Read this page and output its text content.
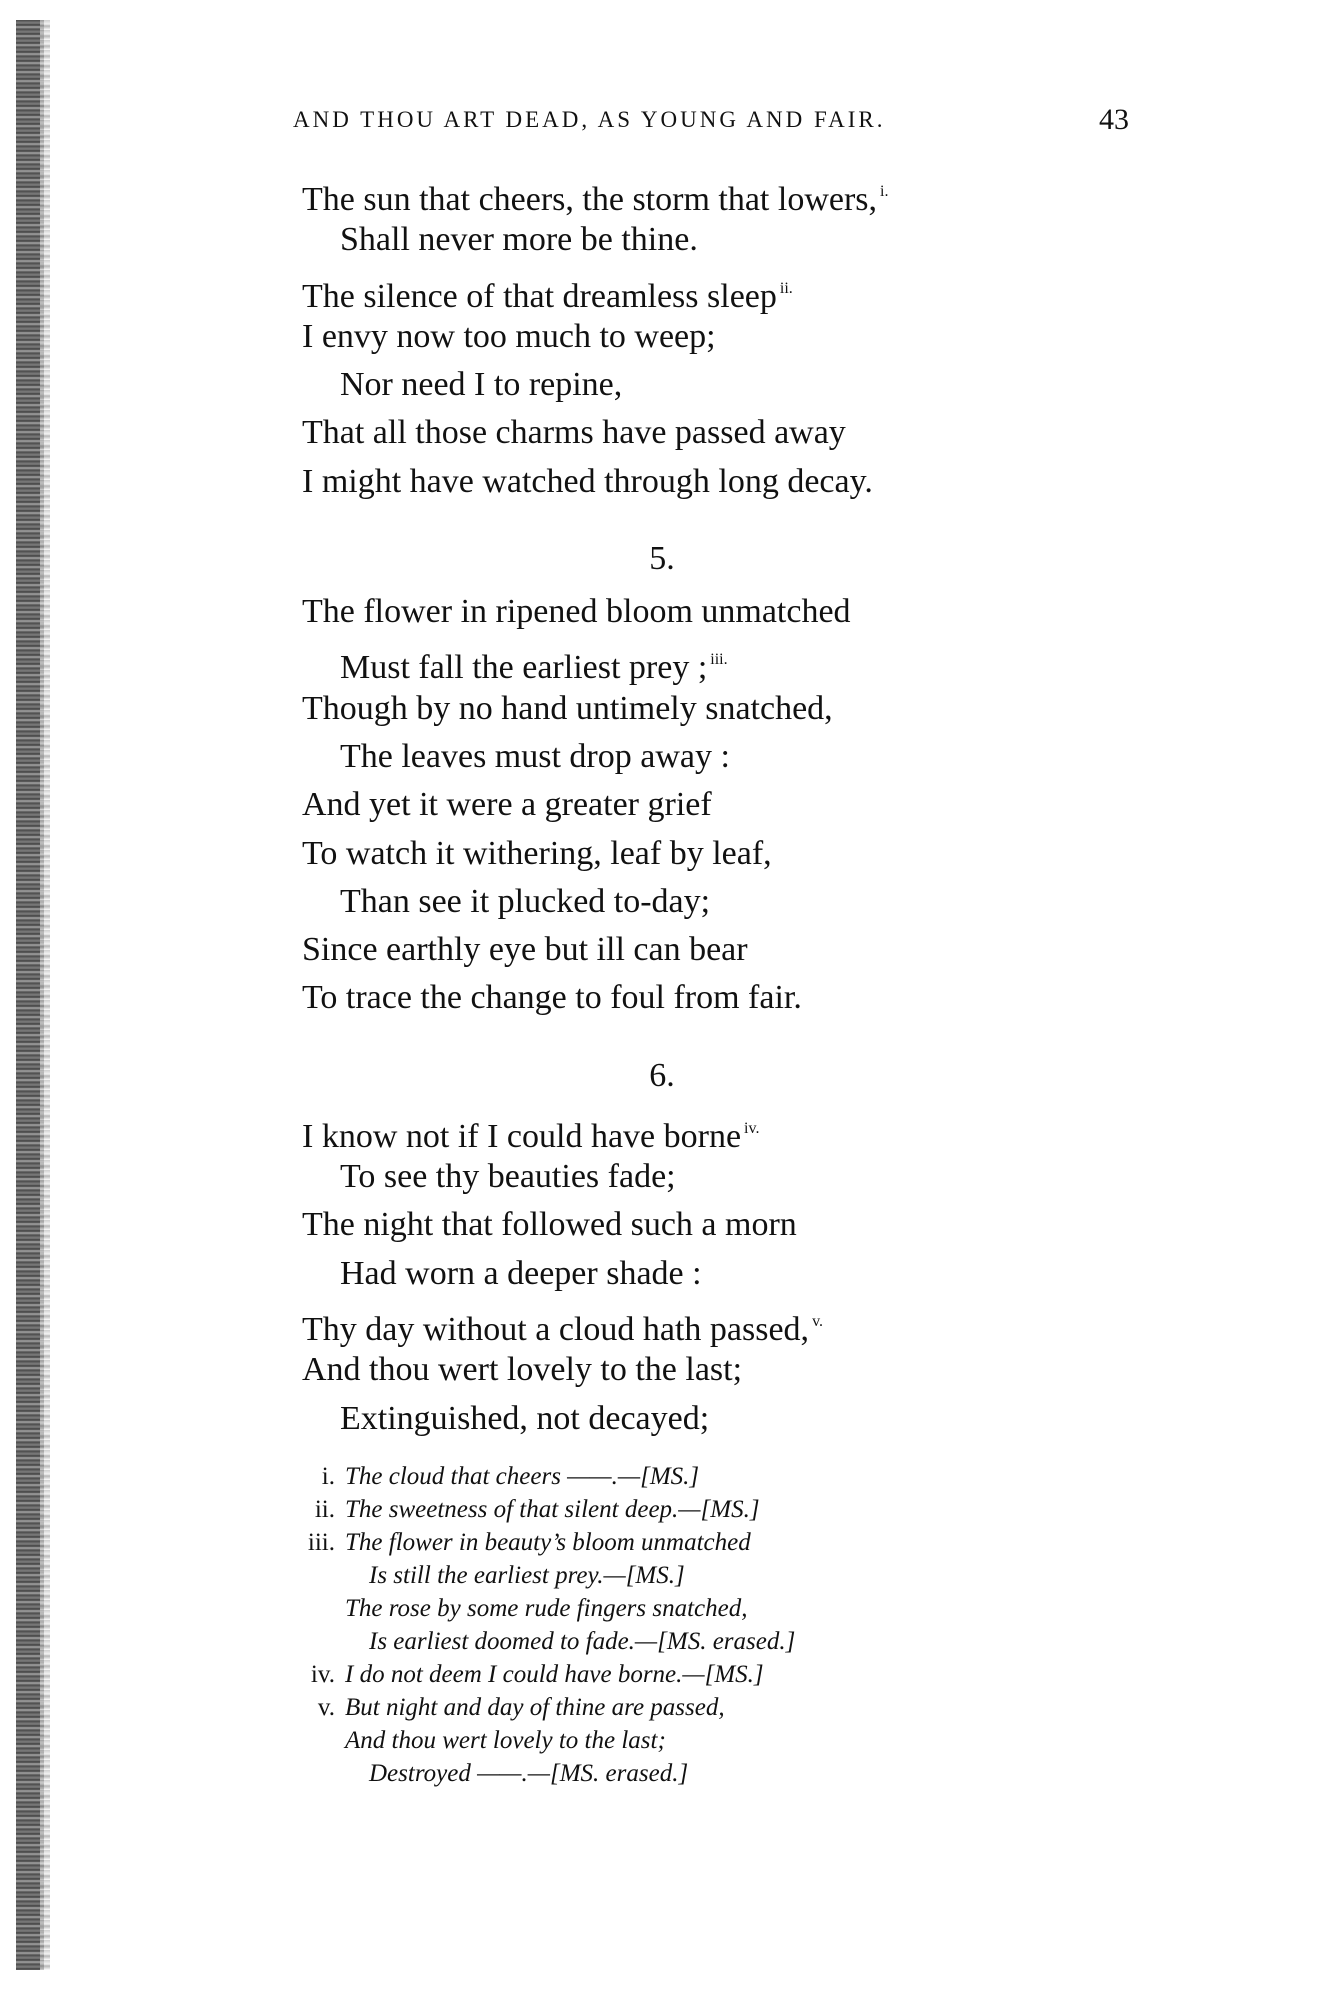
AND THOU ART DEAD, AS YOUNG AND FAIR.	43
The sun that cheers, the storm that lowers, $^{i.}$
Shall never more be thine.
The silence of that dreamless sleep $^{ii.}$
I envy now too much to weep;
Nor need I to repine,
That all those charms have passed away
I might have watched through long decay.
5.
The flower in ripened bloom unmatched
Must fall the earliest prey ; $^{iii.}$
Though by no hand untimely snatched,
The leaves must drop away :
And yet it were a greater grief
To watch it withering, leaf by leaf,
Than see it plucked to-day;
Since earthly eye but ill can bear
To trace the change to foul from fair.
6.
I know not if I could have borne $^{iv.}$
To see thy beauties fade;
The night that followed such a morn
Had worn a deeper shade :
Thy day without a cloud hath passed, $^{v.}$
And thou wert lovely to the last;
Extinguished, not decayed;
i. The cloud that cheers ——.—[MS.]
ii. The sweetness of that silent deep.—[MS.]
iii. The flower in beauty’s bloom unmatched
Is still the earliest prey.—[MS.]
The rose by some rude fingers snatched,
Is earliest doomed to fade.—[MS. erased.]
iv. I do not deem I could have borne.—[MS.]
v. But night and day of thine are passed,
And thou wert lovely to the last;
Destroyed ——.—[MS. erased.]
